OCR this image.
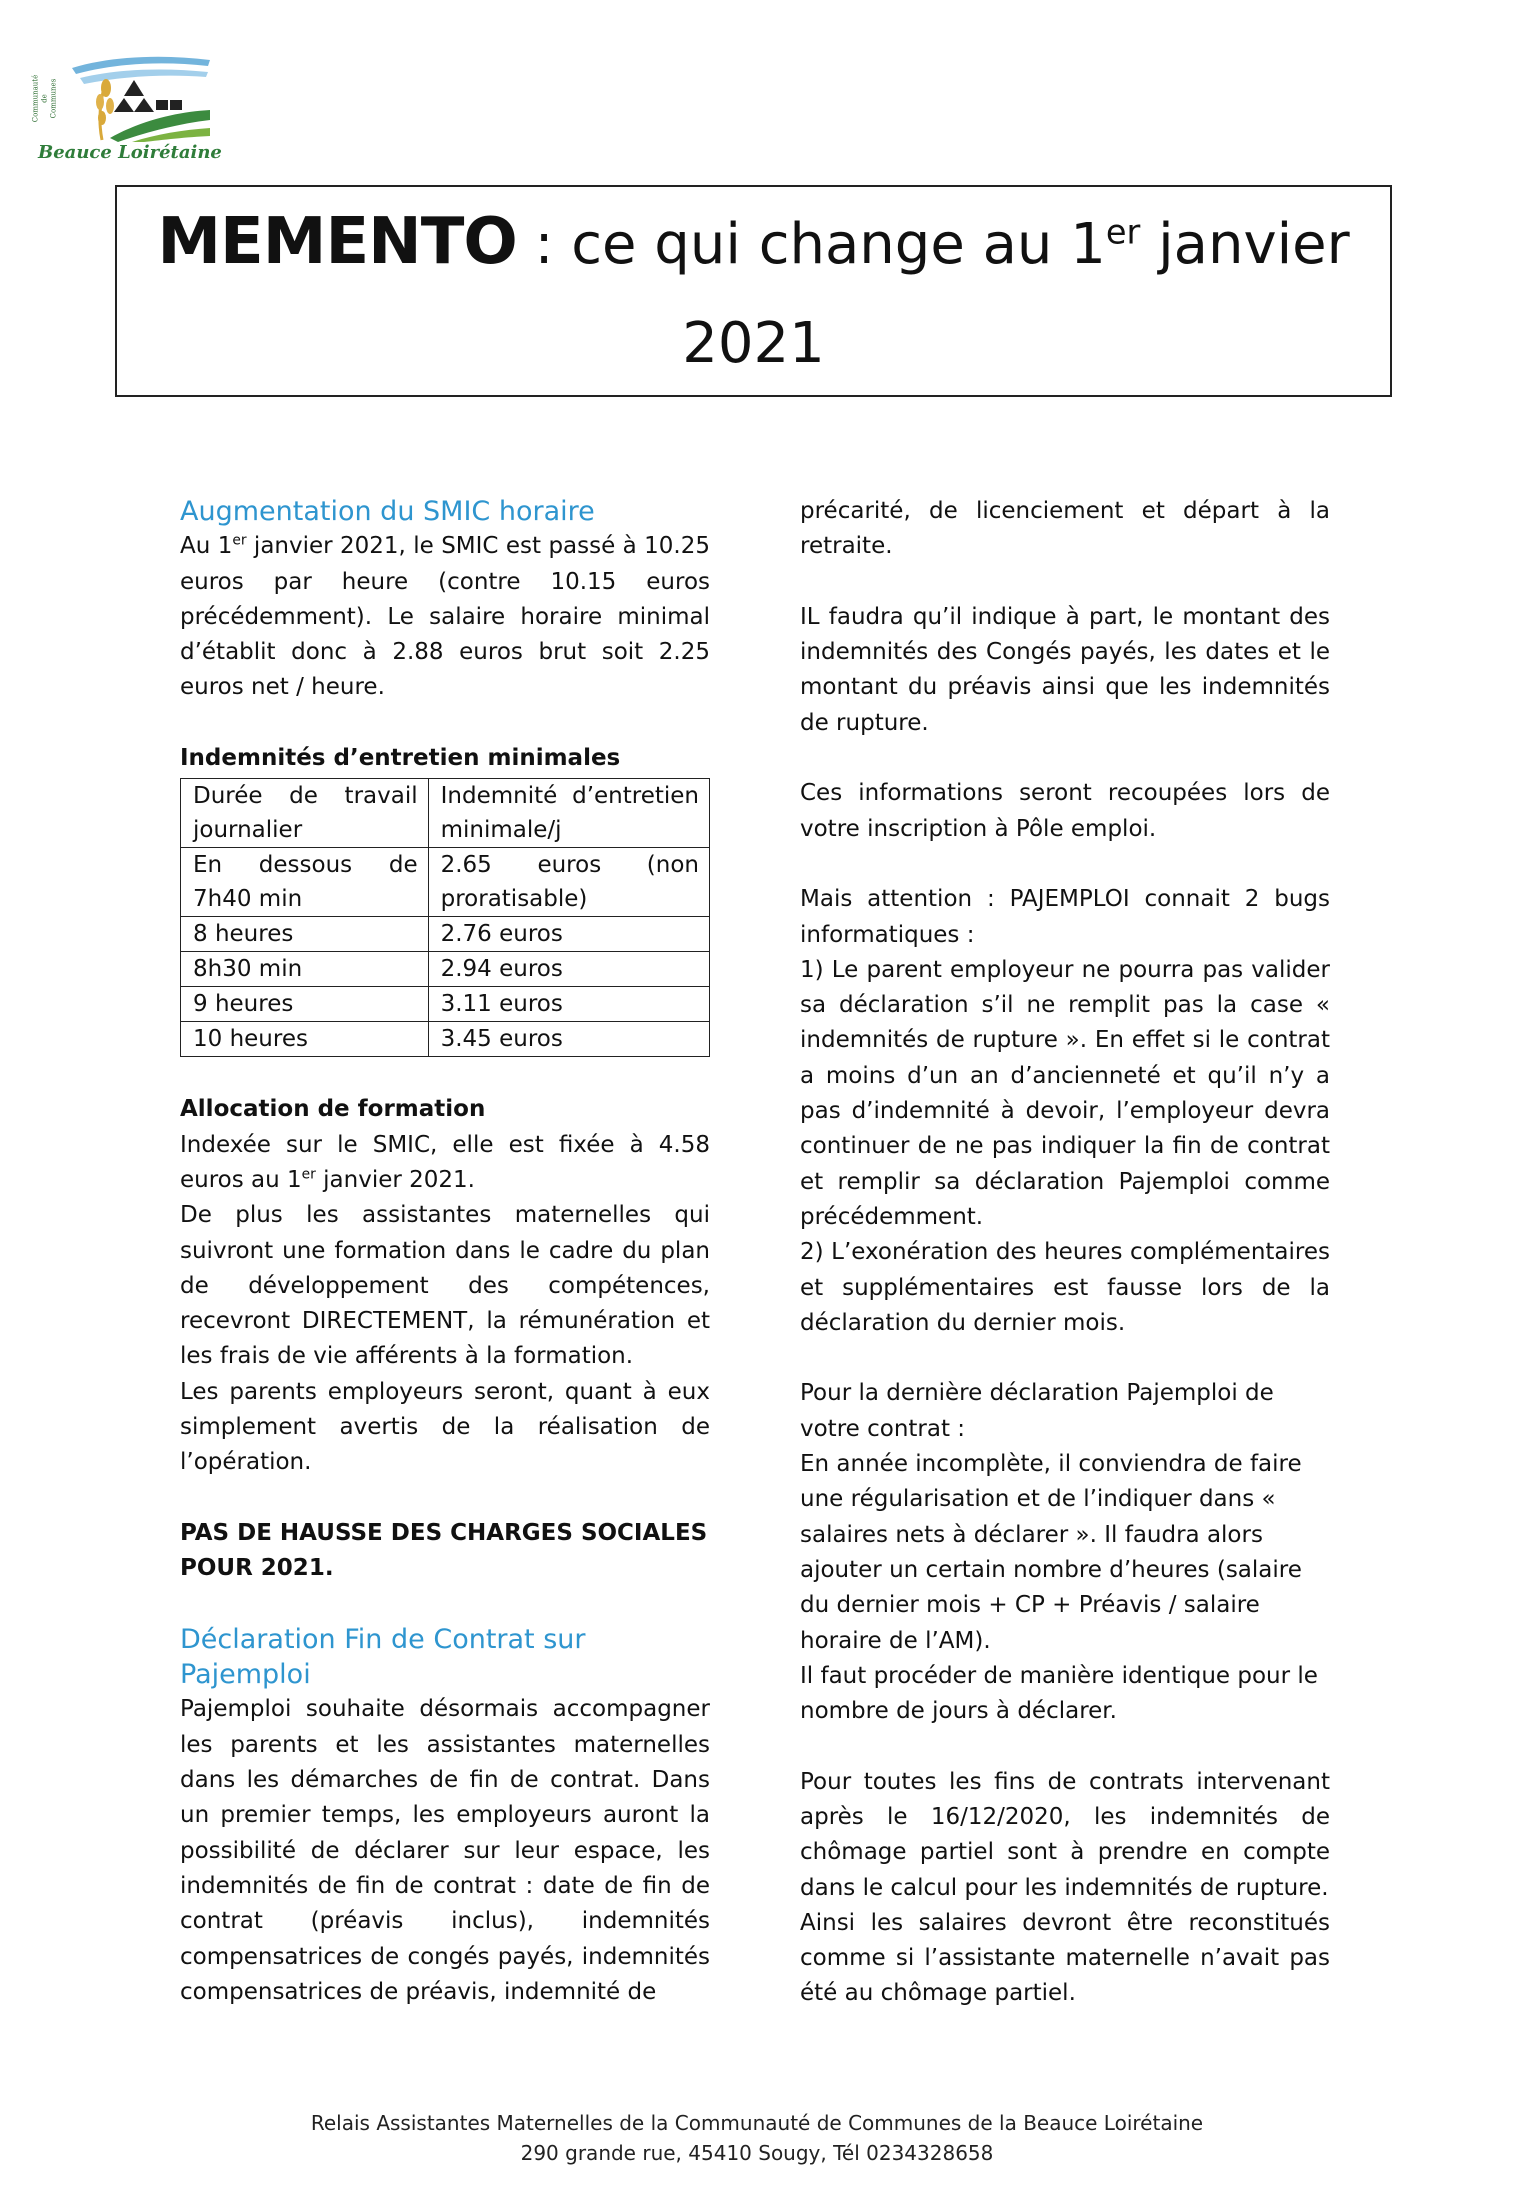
Communauté de
Communes
Beauce Loirétaine
MEMENTO : ce qui change au 1er janvier
2021

Augmentation du SMIC horaire

Au 1er janvier 2021, le SMIC est passé à 10.25 euros par heure (contre 10.15 euros précédemment). Le salaire horaire minimal d’établit donc à 2.88 euros brut soit 2.25 euros net / heure.

Indemnités d’entretien minimales

Durée de travail journalier	Indemnité d’entretien minimale/j
En dessous de 7h40 min	2.65 euros (non proratisable)
8 heures	2.76 euros
8h30 min	2.94 euros
9 heures	3.11 euros
10 heures	3.45 euros

Allocation de formation

Indexée sur le SMIC, elle est fixée à 4.58 euros au 1er janvier 2021.

De plus les assistantes maternelles qui suivront une formation dans le cadre du plan de développement des compétences, recevront DIRECTEMENT, la rémunération et les frais de vie afférents à la formation.

Les parents employeurs seront, quant à eux simplement avertis de la réalisation de l’opération.

PAS DE HAUSSE DES CHARGES SOCIALES POUR 2021.

Déclaration Fin de Contrat sur Pajemploi

Pajemploi souhaite désormais accompagner les parents et les assistantes maternelles dans les démarches de fin de contrat. Dans un premier temps, les employeurs auront la possibilité de déclarer sur leur espace, les indemnités de fin de contrat : date de fin de contrat (préavis inclus), indemnités compensatrices de congés payés, indemnités compensatrices de préavis, indemnité de

précarité, de licenciement et départ à la retraite.

IL faudra qu’il indique à part, le montant des indemnités des Congés payés, les dates et le montant du préavis ainsi que les indemnités de rupture.

Ces informations seront recoupées lors de votre inscription à Pôle emploi.

Mais attention : PAJEMPLOI connait 2 bugs informatiques :

1) Le parent employeur ne pourra pas valider sa déclaration s’il ne remplit pas la case « indemnités de rupture ». En effet si le contrat a moins d’un an d’ancienneté et qu’il n’y a pas d’indemnité à devoir, l’employeur devra continuer de ne pas indiquer la fin de contrat et remplir sa déclaration Pajemploi comme précédemment.

2) L’exonération des heures complémentaires et supplémentaires est fausse lors de la déclaration du dernier mois.

Pour la dernière déclaration Pajemploi de votre contrat :

En année incomplète, il conviendra de faire une régularisation et de l’indiquer dans « salaires nets à déclarer ». Il faudra alors ajouter un certain nombre d’heures (salaire du dernier mois + CP + Préavis / salaire horaire de l’AM).

Il faut procéder de manière identique pour le nombre de jours à déclarer.

Pour toutes les fins de contrats intervenant après le 16/12/2020, les indemnités de chômage partiel sont à prendre en compte dans le calcul pour les indemnités de rupture.

Ainsi les salaires devront être reconstitués comme si l’assistante maternelle n’avait pas été au chômage partiel.

Relais Assistantes Maternelles de la Communauté de Communes de la Beauce Loirétaine
290 grande rue, 45410 Sougy, Tél 0234328658
